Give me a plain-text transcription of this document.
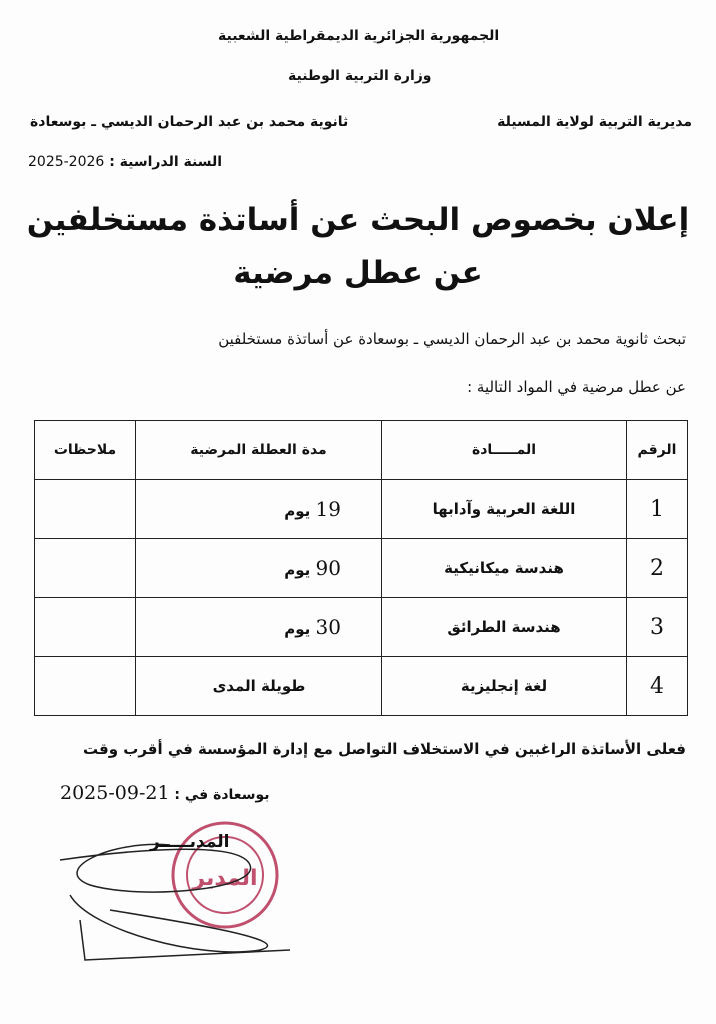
الجمهورية الجزائرية الديمقراطية الشعبية
وزارة التربية الوطنية
مديرية التربية لولاية المسيلة
ثانوية محمد بن عبد الرحمان الديسي ـ بوسعادة
السنة الدراسية : 2025-2026
إعلان بخصوص البحث عن أساتذة مستخلفين
عن عطل مرضية
تبحث ثانوية محمد بن عبد الرحمان الديسي ـ بوسعادة عن أساتذة مستخلفين
عن عطل مرضية في المواد التالية :
الرقم	المـــــادة	مدة العطلة المرضية	ملاحظات
1	اللغة العربية وآدابها	19 يوم	
2	هندسة ميكانيكية	90 يوم	
3	هندسة الطرائق	30 يوم	
4	لغة إنجليزية	طويلة المدى	
فعلى الأساتذة الراغبين في الاستخلاف التواصل مع إدارة المؤسسة في أقرب وقت
بوسعادة في : 2025-09-21
المدير
المديـــــر
